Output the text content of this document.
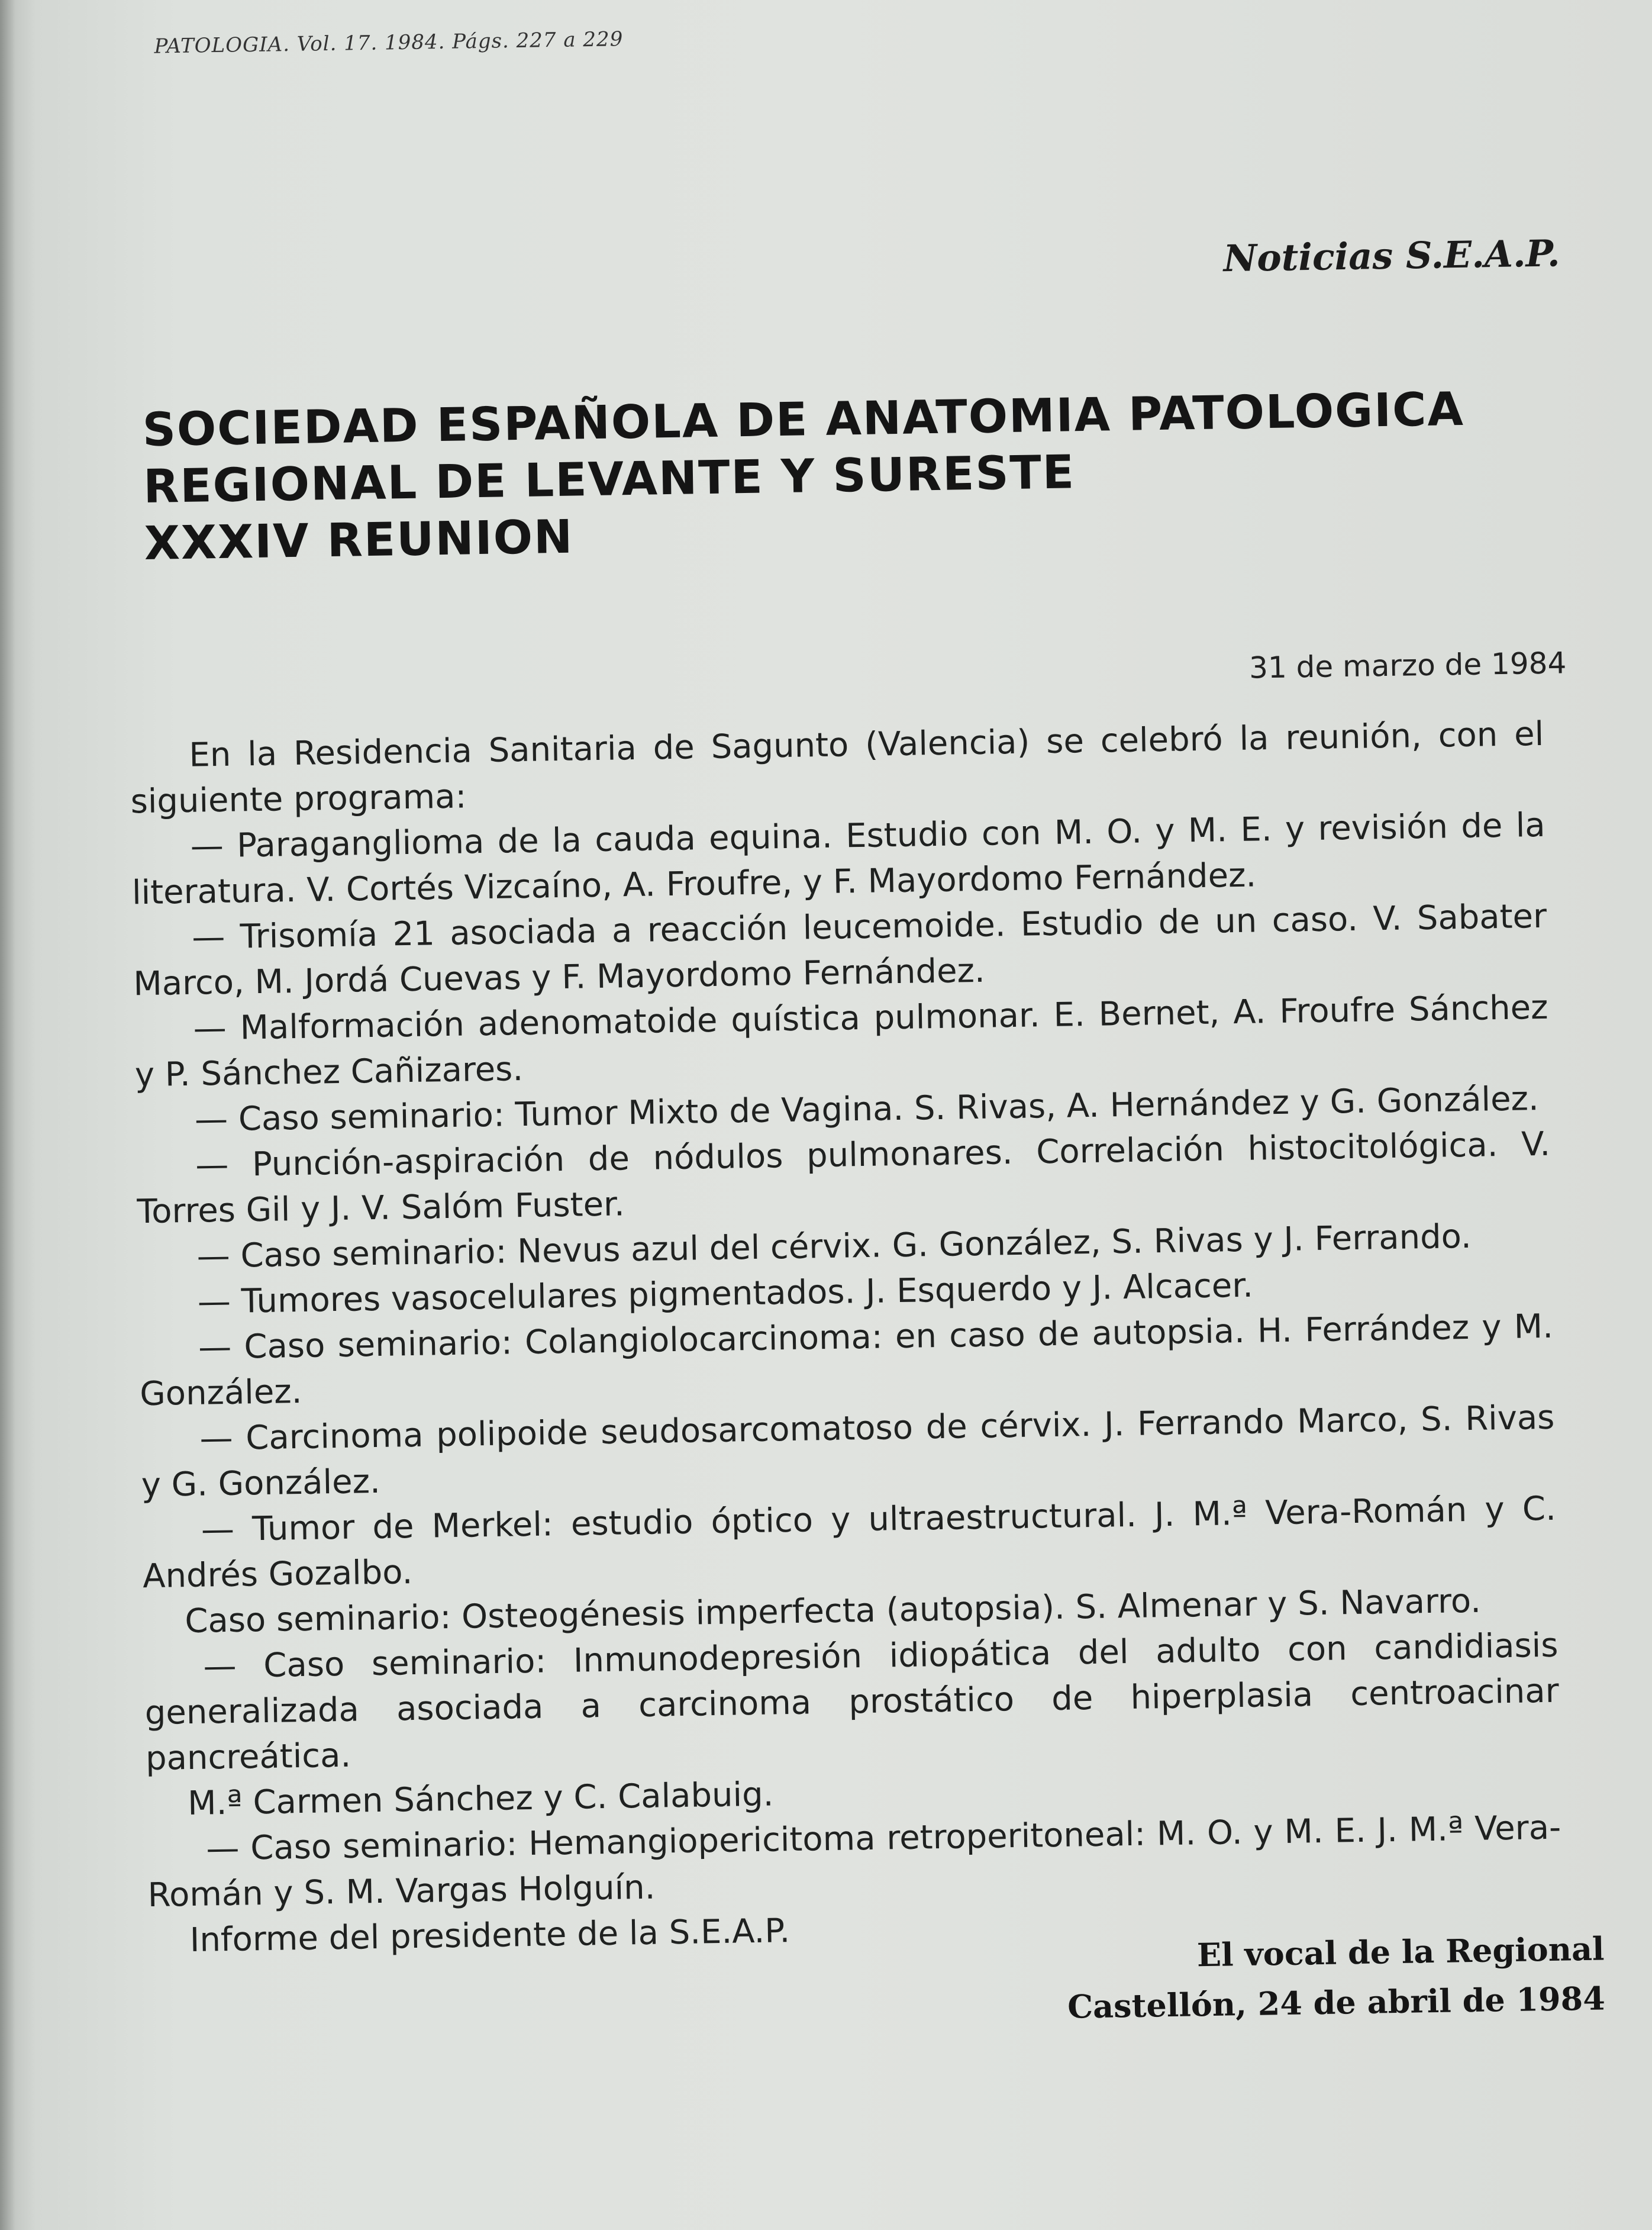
PATOLOGIA. Vol. 17. 1984. Págs. 227 a 229
Noticias S.E.A.P.
SOCIEDAD ESPAÑOLA DE ANATOMIA PATOLOGICA
REGIONAL DE LEVANTE Y SURESTE
XXXIV REUNION
31 de marzo de 1984

En la Residencia Sanitaria de Sagunto (Valencia) se celebró la reunión, con el siguiente programa:

— Paraganglioma de la cauda equina. Estudio con M. O. y M. E. y revisión de la literatura. V. Cortés Vizcaíno, A. Froufre, y F. Mayordomo Fernández.

— Trisomía 21 asociada a reacción leucemoide. Estudio de un caso. V. Sabater Marco, M. Jordá Cuevas y F. Mayordomo Fernández.

— Malformación adenomatoide quística pulmonar. E. Bernet, A. Froufre Sánchez y P. Sánchez Cañizares.

— Caso seminario: Tumor Mixto de Vagina. S. Rivas, A. Hernández y G. González.

— Punción-aspiración de nódulos pulmonares. Correlación histocitológica. V. Torres Gil y J. V. Salóm Fuster.

— Caso seminario: Nevus azul del cérvix. G. González, S. Rivas y J. Ferrando.

— Tumores vasocelulares pigmentados. J. Esquerdo y J. Alcacer.

— Caso seminario: Colangiolocarcinoma: en caso de autopsia. H. Ferrández y M. González.

— Carcinoma polipoide seudosarcomatoso de cérvix. J. Ferrando Marco, S. Rivas y G. González.

— Tumor de Merkel: estudio óptico y ultraestructural. J. M.ª Vera-Román y C. Andrés Gozalbo.

Caso seminario: Osteogénesis imperfecta (autopsia). S. Almenar y S. Navarro.

— Caso seminario: Inmunodepresión idiopática del adulto con candidiasis generalizada asociada a carcinoma prostático de hiperplasia centroacinar pancreática.

M.ª Carmen Sánchez y C. Calabuig.

— Caso seminario: Hemangiopericitoma retroperitoneal: M. O. y M. E. J. M.ª Vera-Román y S. M. Vargas Holguín.

Informe del presidente de la S.E.A.P.	El vocal de la Regional
Castellón, 24 de abril de 1984
